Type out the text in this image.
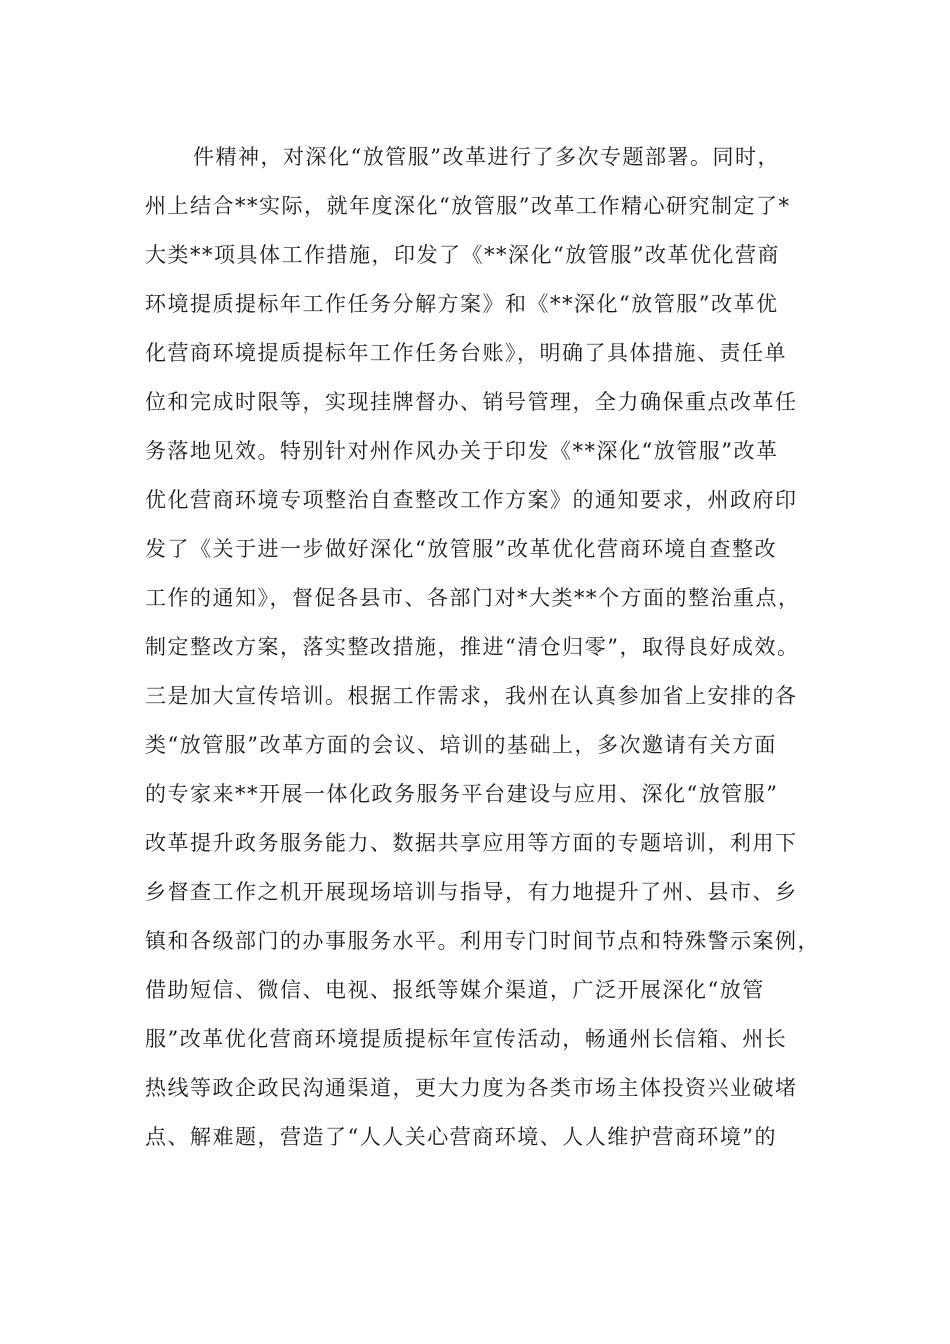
件精神，对深化“放管服”改革进行了多次专题部署。同时，
州上结合**实际，就年度深化“放管服”改革工作精心研究制定了*
大类**项具体工作措施，印发了《**深化“放管服”改革优化营商
环境提质提标年工作任务分解方案》和《**深化“放管服”改革优
化营商环境提质提标年工作任务台账》，明确了具体措施、责任单
位和完成时限等，实现挂牌督办、销号管理，全力确保重点改革任
务落地见效。特别针对州作风办关于印发《**深化“放管服”改革
优化营商环境专项整治自查整改工作方案》的通知要求，州政府印
发了《关于进一步做好深化“放管服”改革优化营商环境自查整改
工作的通知》，督促各县市、各部门对*大类**个方面的整治重点，
制定整改方案，落实整改措施，推进“清仓归零”，取得良好成效。
三是加大宣传培训。根据工作需求，我州在认真参加省上安排的各
类“放管服”改革方面的会议、培训的基础上，多次邀请有关方面
的专家来**开展一体化政务服务平台建设与应用、深化“放管服”
改革提升政务服务能力、数据共享应用等方面的专题培训，利用下
乡督查工作之机开展现场培训与指导，有力地提升了州、县市、乡
镇和各级部门的办事服务水平。利用专门时间节点和特殊警示案例，
借助短信、微信、电视、报纸等媒介渠道，广泛开展深化“放管
服”改革优化营商环境提质提标年宣传活动，畅通州长信箱、州长
热线等政企政民沟通渠道，更大力度为各类市场主体投资兴业破堵
点、解难题，营造了“人人关心营商环境、人人维护营商环境”的
